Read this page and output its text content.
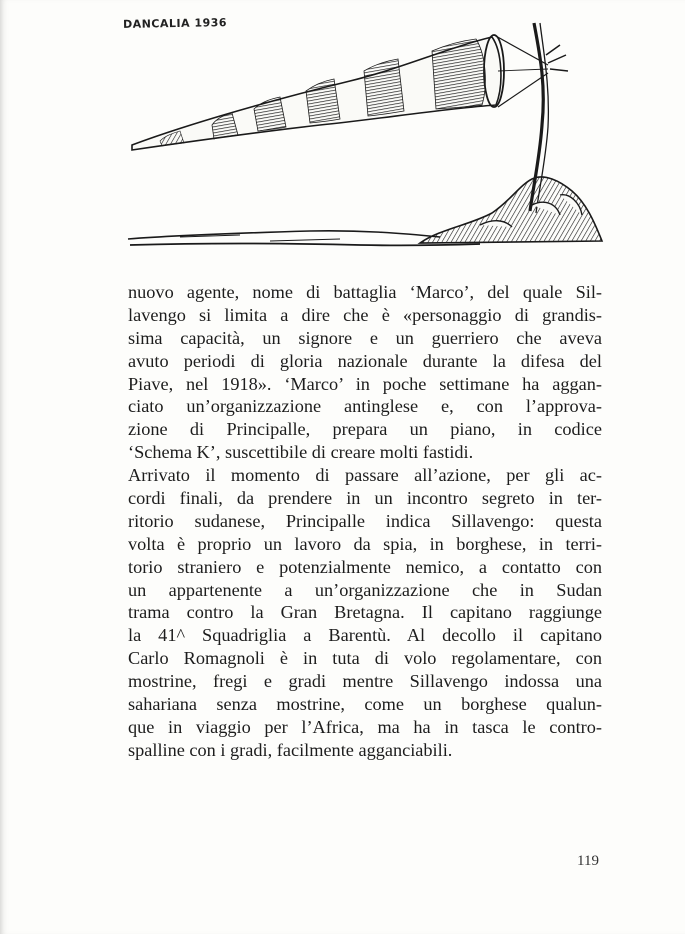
DANCALIA 1936
nuovo agente, nome di battaglia ‘Marco’, del quale Sil-
lavengo si limita a dire che è «personaggio di grandis-
sima capacità, un signore e un guerriero che aveva
avuto periodi di gloria nazionale durante la difesa del
Piave, nel 1918». ‘Marco’ in poche settimane ha aggan-
ciato un’organizzazione antinglese e, con l’approva-
zione di Principalle, prepara un piano, in codice
‘Schema K’, suscettibile di creare molti fastidi.
Arrivato il momento di passare all’azione, per gli ac-
cordi finali, da prendere in un incontro segreto in ter-
ritorio sudanese, Principalle indica Sillavengo: questa
volta è proprio un lavoro da spia, in borghese, in terri-
torio straniero e potenzialmente nemico, a contatto con
un appartenente a un’organizzazione che in Sudan
trama contro la Gran Bretagna. Il capitano raggiunge
la 41^ Squadriglia a Barentù. Al decollo il capitano
Carlo Romagnoli è in tuta di volo regolamentare, con
mostrine, fregi e gradi mentre Sillavengo indossa una
sahariana senza mostrine, come un borghese qualun-
que in viaggio per l’Africa, ma ha in tasca le contro-
spalline con i gradi, facilmente agganciabili.
119
